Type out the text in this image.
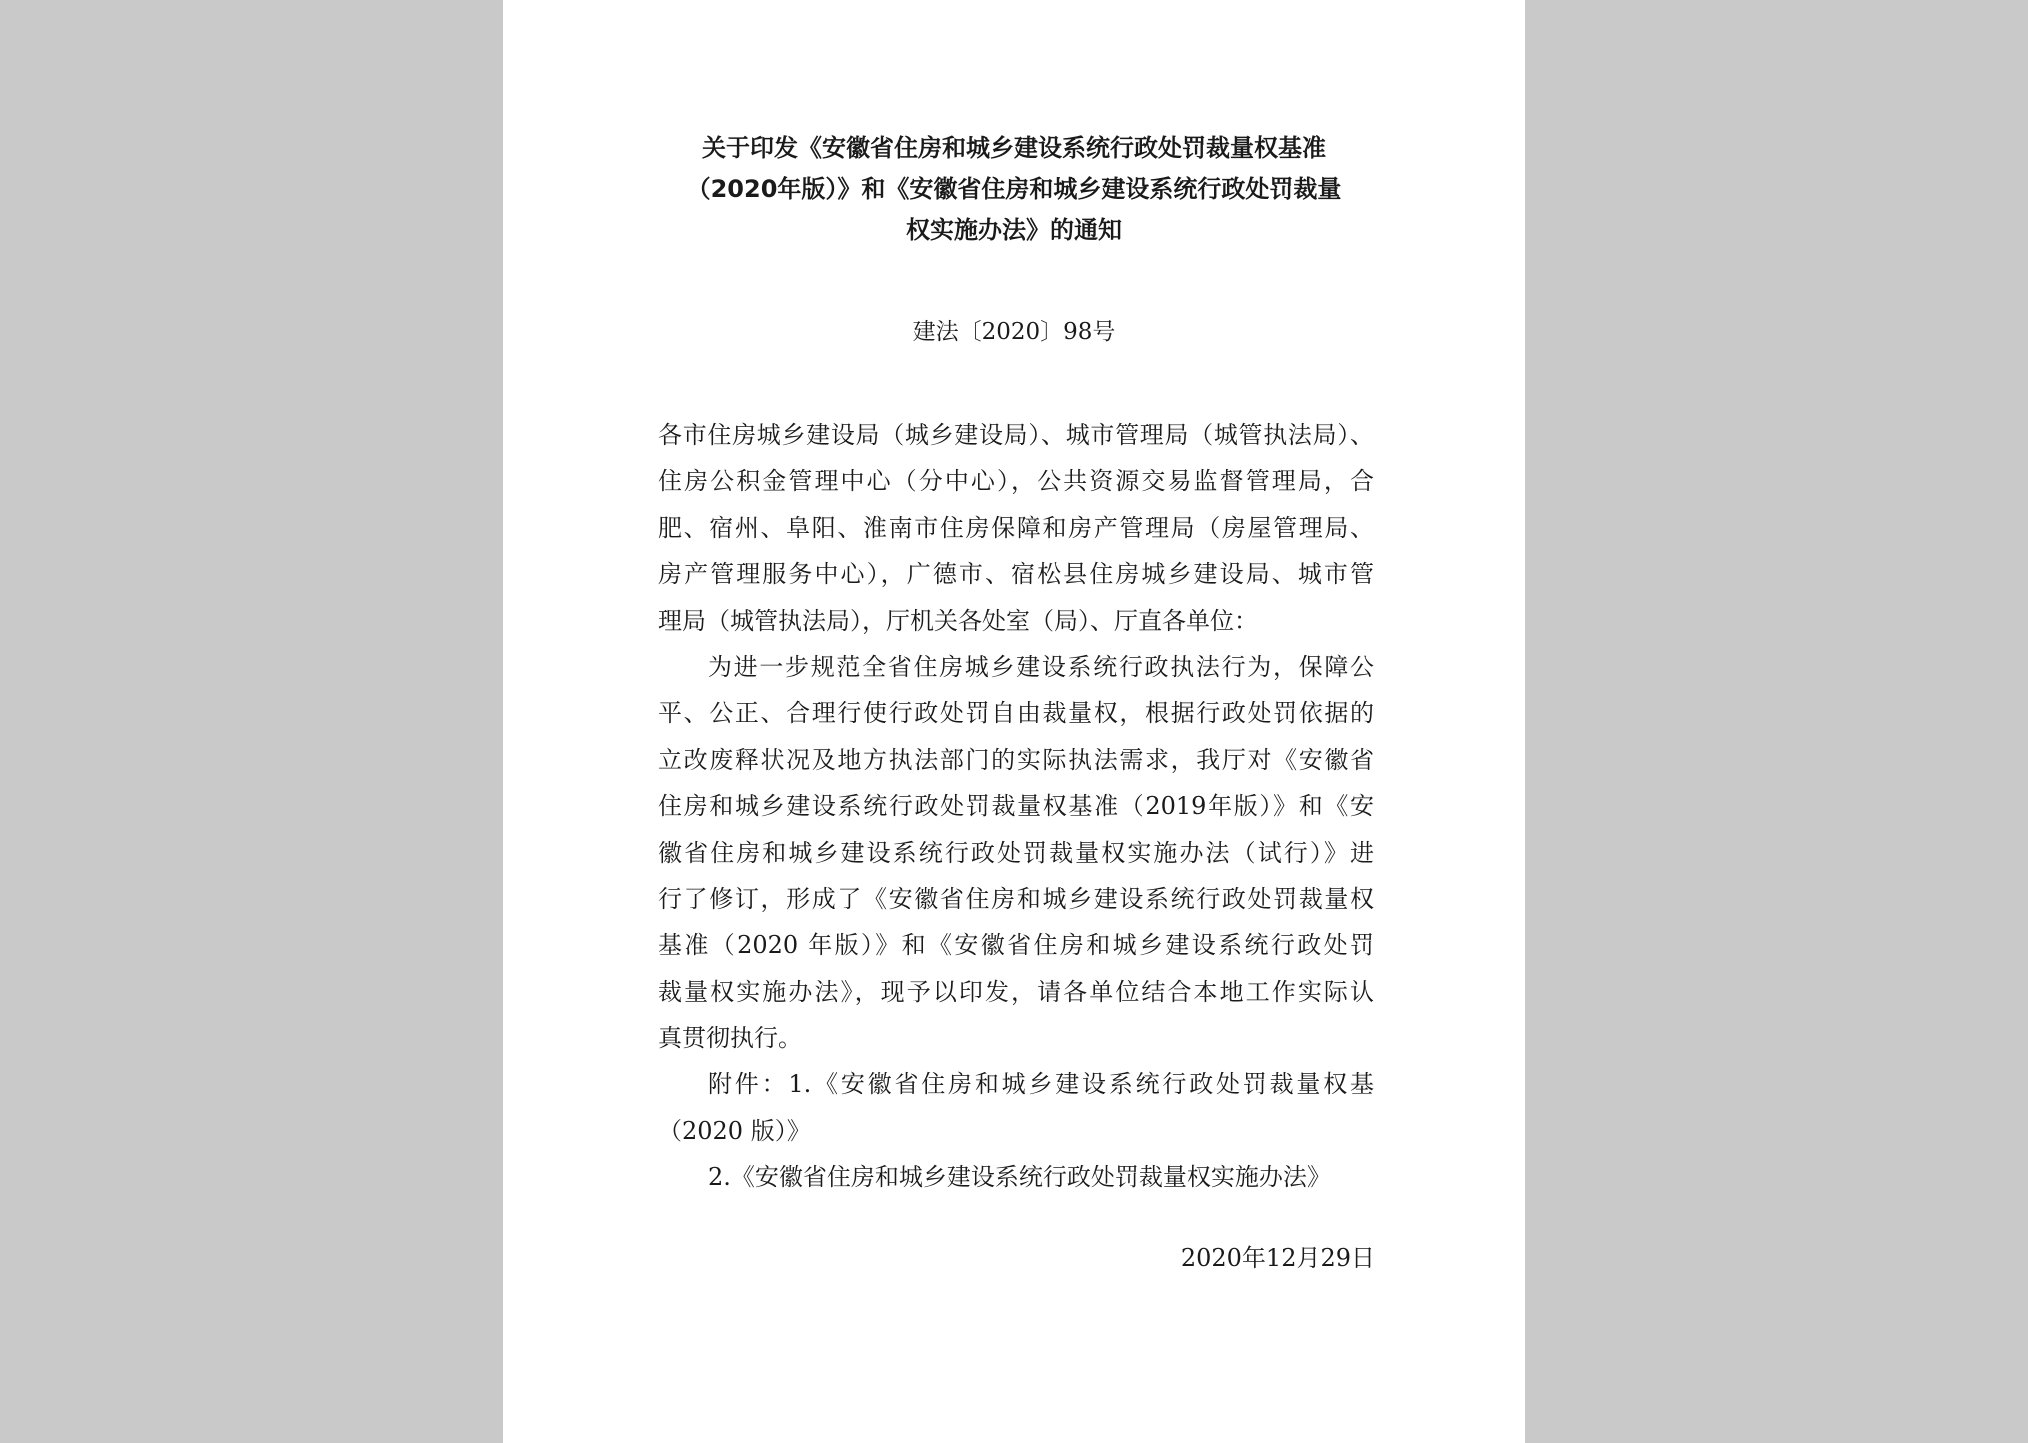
关于印发《安徽省住房和城乡建设系统行政处罚裁量权基准
（2020年版）》和《安徽省住房和城乡建设系统行政处罚裁量
权实施办法》的通知
建法〔2020〕98号
各市住房城乡建设局（城乡建设局）、城市管理局（城管执法局）、
住房公积金管理中心（分中心），公共资源交易监督管理局，合
肥、宿州、阜阳、淮南市住房保障和房产管理局（房屋管理局、
房产管理服务中心），广德市、宿松县住房城乡建设局、城市管
理局（城管执法局），厅机关各处室（局）、厅直各单位：
为进一步规范全省住房城乡建设系统行政执法行为，保障公
平、公正、合理行使行政处罚自由裁量权，根据行政处罚依据的
立改废释状况及地方执法部门的实际执法需求，我厅对《安徽省
住房和城乡建设系统行政处罚裁量权基准（2019年版）》和《安
徽省住房和城乡建设系统行政处罚裁量权实施办法（试行）》进
行了修订，形成了《安徽省住房和城乡建设系统行政处罚裁量权
基准（2020 年版）》和《安徽省住房和城乡建设系统行政处罚
裁量权实施办法》，现予以印发，请各单位结合本地工作实际认
真贯彻执行。
附件：1.《安徽省住房和城乡建设系统行政处罚裁量权基
（2020 版）》
2.《安徽省住房和城乡建设系统行政处罚裁量权实施办法》
2020年12月29日
